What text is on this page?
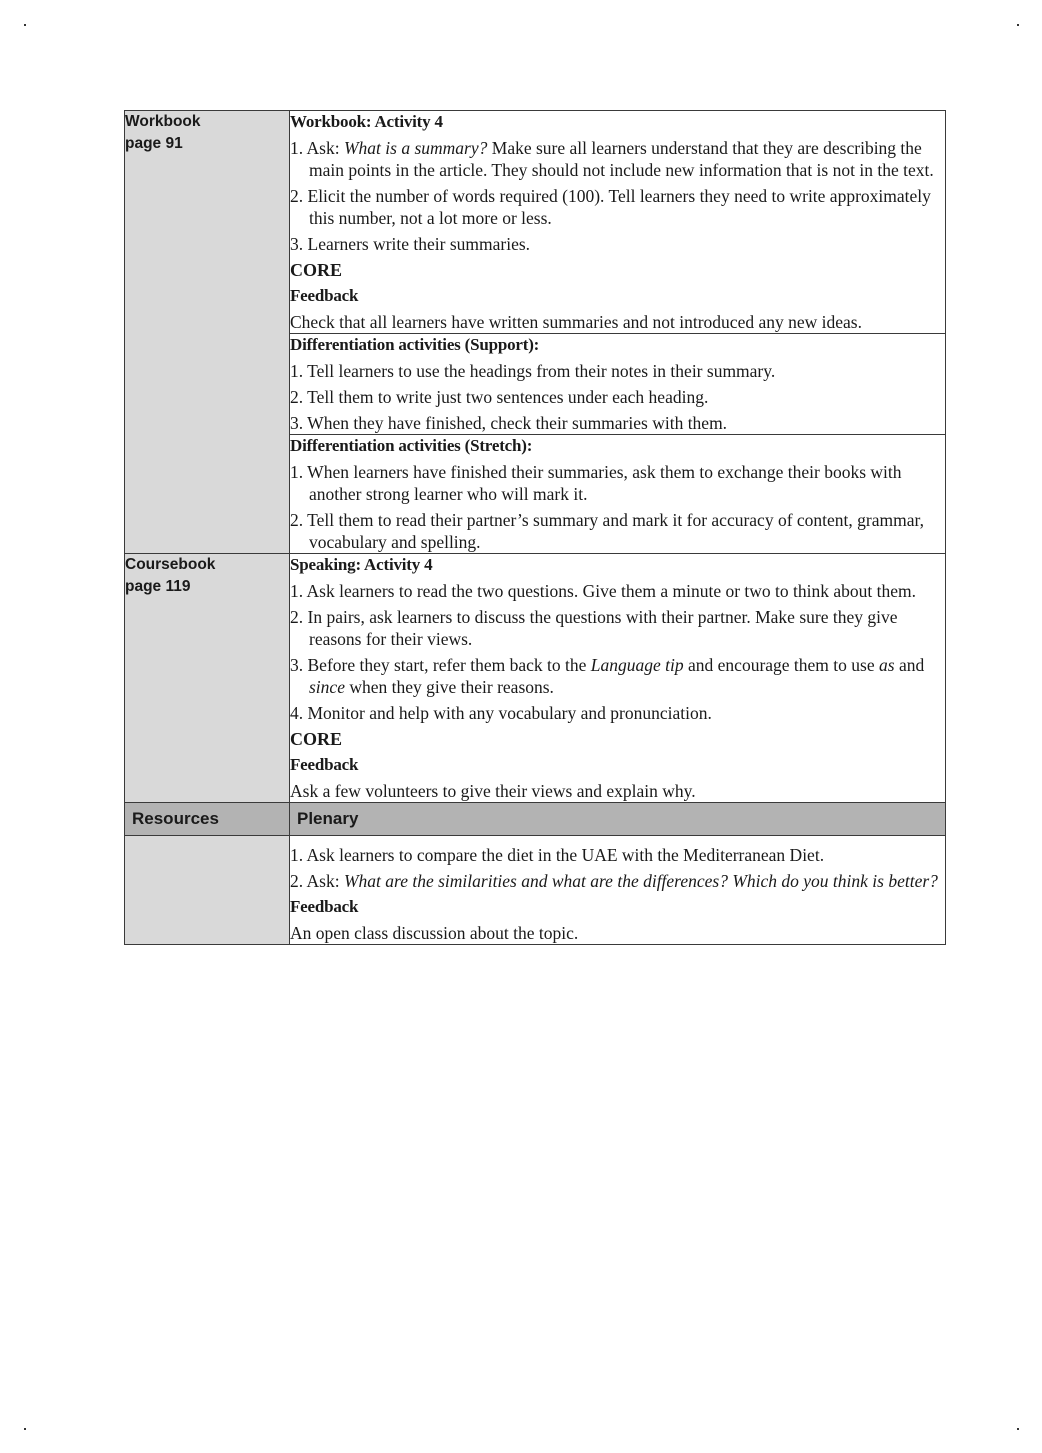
Workbook
page 91

Workbook: Activity 4
1. Ask: What is a summary? Make sure all learners understand that they are describing the main points in the article. They should not include new information that is not in the text.
2. Elicit the number of words required (100). Tell learners they need to write approximately this number, not a lot more or less.
3. Learners write their summaries.
CORE
Feedback
Check that all learners have written summaries and not introduced any new ideas.

	Differentiation activities (Support):
1. Tell learners to use the headings from their notes in their summary.
2. Tell them to write just two sentences under each heading.
3. When they have finished, check their summaries with them.

	Differentiation activities (Stretch):
1. When learners have finished their summaries, ask them to exchange their books with another strong learner who will mark it.
2. Tell them to read their partner’s summary and mark it for accuracy of content, grammar, vocabulary and spelling.

Coursebook
page 119

Speaking: Activity 4
1. Ask learners to read the two questions. Give them a minute or two to think about them.
2. In pairs, ask learners to discuss the questions with their partner. Make sure they give reasons for their views.
3. Before they start, refer them back to the Language tip and encourage them to use as and since when they give their reasons.
4. Monitor and help with any vocabulary and pronunciation.
CORE
Feedback
Ask a few volunteers to give their views and explain why.

Resources	Plenary

	1. Ask learners to compare the diet in the UAE with the Mediterranean Diet.
2. Ask: What are the similarities and what are the differences? Which do you think is better?
Feedback
An open class discussion about the topic.
